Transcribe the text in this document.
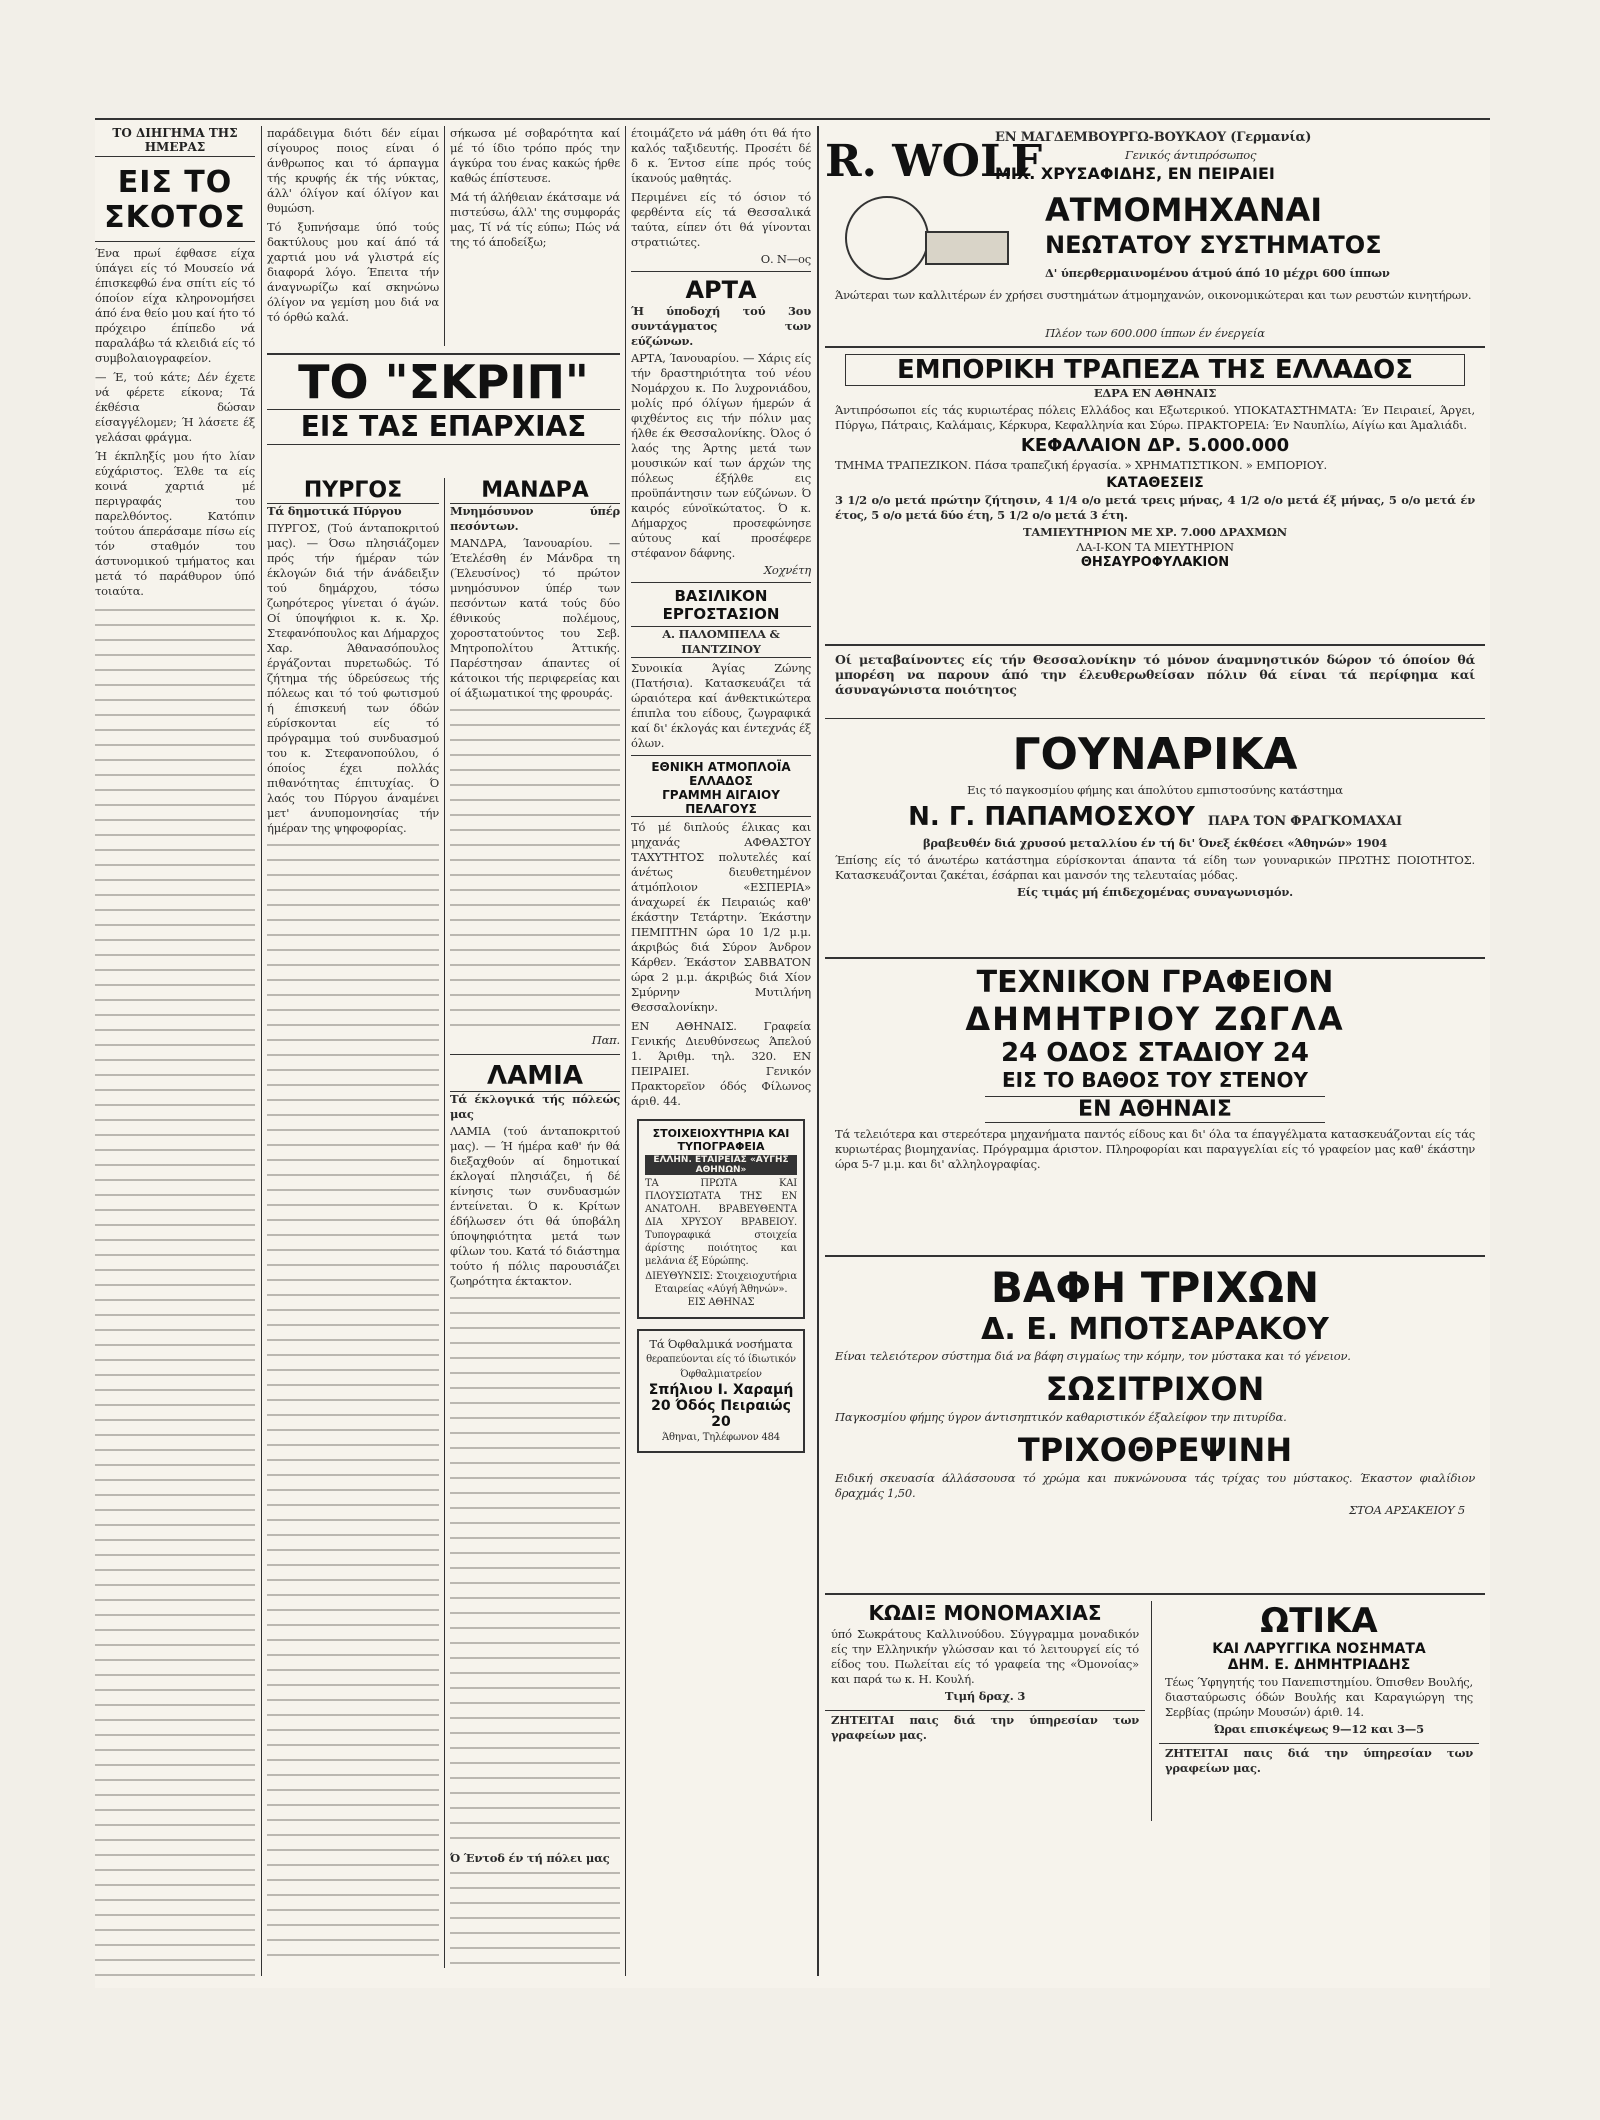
ΤΟ ΔΙΗΓΗΜΑ ΤΗΣ ΗΜΕΡΑΣ
ΕΙΣ ΤΟ ΣΚΟΤΟΣ

Ένα πρωί έφθασε είχα ύπάγει είς τό Μουσείο νά έπισκεφθώ ένα σπίτι είς τό όποίον είχα κληρονομήσει άπό ένα θείο μου καί ήτο τό πρόχειρο έπίπεδο νά παραλάβω τά κλειδιά είς τό συμβολαιογραφείον.

— Έ, τού κάτε; Δέν έχετε νά φέρετε είκονα; Τά έκθέσια δώσαν είσαγγέλομεν; Ή λάσετε έξ γελάσαι φράγμα.

Ή έκπληξίς μου ήτο λίαν εύχάριστος. Έλθε τα είς κοινά χαρτιά μέ περιγραφάς του παρελθόντος. Κατόπιν τούτου άπεράσαμε πίσω είς τόν σταθμόν του άστυνομικού τμήματος και μετά τό παράθυρον ύπό τοιαύτα.

παράδειγμα διότι δέν είμαι σίγουρος ποιος είναι ό άνθρωπος και τό άρπαγμα τής κρυφής έκ τής νύκτας, άλλ' όλίγον καί όλίγον και θυμώση.

Τό ξυπνήσαμε ύπό τούς δακτύλους μου καί άπό τά χαρτιά μου νά γλιστρά είς διαφορά λόγο. Έπειτα τήν άναγνωρίζω καί σκηνώνω όλίγον να γεμίση μου διά να τό όρθώ καλά.

σήκωσα μέ σοβαρότητα καί μέ τό ίδιο τρόπο πρός την άγκύρα του ένας κακώς ήρθε καθώς έπίστευσε.

Μά τή άλήθειαν έκάτσαμε νά πιστεύσω, άλλ' της συμφοράς μας, Τί νά τίς εύπω; Πώς νά της τό άποδείξω;

έτοιμάζετο νά μάθη ότι θά ήτο καλός ταξιδευτής. Προσέτι δέ δ κ. Έντοσ είπε πρός τούς ίκανούς μαθητάς.

Περιμένει είς τό όσιον τό φερθέντα είς τά Θεσσαλικά ταύτα, είπεν ότι θά γίνονται στρατιώτες.

Ο. Ν—ος
ΑΡΤΑ
Ή ύποδοχή τού 3ου συντάγματος των εύζώνων.

ΑΡΤΑ, Ίανουαρίου. — Χάρις είς τήν δραστηριότητα τού νέου Νομάρχου κ. Πο λυχρονιάδου, μολίς πρό όλίγων ήμερών ά φιχθέντος εις τήν πόλιν μας ήλθε έκ Θεσσαλονίκης. Όλος ό λαός της Άρτης μετά των μουσικών καί των άρχών της πόλεως έξήλθε εις προϋπάντησιν των εύζώνων. Ό καιρός εύνοϊκώτατος. Ό κ. Δήμαρχος προσεφώνησε αύτους καί προσέφερε στέφανον δάφνης.

Χοχνέτη
ΒΑΣΙΛΙΚΟΝ ΕΡΓΟΣΤΑΣΙΟΝ
Α. ΠΑΛΟΜΠΕΛΑ & ΠΑΝΤΖΙΝΟΥ

Συνοικία Άγίας Ζώνης (Πατήσια). Κατασκευάζει τά ώραιότερα καί άνθεκτικώτερα έπιπλα του είδους, ζωγραφικά καί δι' έκλογάς και έντεχνάς έξ όλων.

ΕΘΝΙΚΗ ΑΤΜΟΠΛΟΪΑ ΕΛΛΑΔΟΣ
ΓΡΑΜΜΗ ΑΙΓΑΙΟΥ ΠΕΛΑΓΟΥΣ

Τό μέ διπλούς έλικας και μηχανάς ΑΦΘΑΣΤΟΥ ΤΑΧΥΤΗΤΟΣ πολυτελές καί άνέτως διευθετημένον άτμόπλοιον «ΕΣΠΕΡΙΑ» άναχωρεί έκ Πειραιώς καθ' έκάστην Τετάρτην. Έκάστην ΠΕΜΠΤΗΝ ώρα 10 1/2 μ.μ. άκριβώς διά Σύρον Άνδρον Κάρθεν. Έκάστον ΣΑΒΒΑΤΟΝ ώρα 2 μ.μ. άκριβώς διά Χίον Σμύρνην Μυτιλήνη Θεσσαλονίκην.

ΕΝ ΑΘΗΝΑΙΣ. Γραφεία Γενικής Διευθύνσεως Άπελού 1. Άριθμ. τηλ. 320. ΕΝ ΠΕΙΡΑΙΕΙ. Γενικόν Πρακτορεϊον όδός Φίλωνος άριθ. 44.

ΣΤΟΙΧΕΙΟΧΥΤΗΡΙΑ ΚΑΙ ΤΥΠΟΓΡΑΦΕΙΑ
ΕΛΛΗΝ. ΕΤΑΙΡΕΙΑΣ «ΑΥΓΗΣ ΑΘΗΝΩΝ»

ΤΑ ΠΡΩΤΑ ΚΑΙ ΠΛΟΥΣΙΩΤΑΤΑ ΤΗΣ ΕΝ ΑΝΑΤΟΛΗ. ΒΡΑΒΕΥΘΕΝΤΑ ΔΙΑ ΧΡΥΣΟΥ ΒΡΑΒΕΙΟΥ. Τυπογραφικά στοιχεία άρίστης ποιότητος και μελάνια έξ Εύρώπης.

ΔΙΕΥΘΥΝΣΙΣ: Στοιχειοχυτήρια Εταιρείας «Αύγή Άθηνών». ΕΙΣ ΑΘΗΝΑΣ

Τά Όφθαλμικά νοσήματα
θεραπεύονται είς τό ίδιωτικόν Όφθαλμιατρείον
Σπήλιου Ι. Χαραμή
20 Όδός Πειραιώς 20
Άθηναι, Τηλέφωνον 484
ΤΟ "ΣΚΡΙΠ"
ΕΙΣ ΤΑΣ ΕΠΑΡΧΙΑΣ
ΠΥΡΓΟΣ
Τά δημοτικά Πύργου

ΠΥΡΓΟΣ, (Τού άνταποκριτού μας). — Όσω πλησιάζομεν πρός τήν ήμέραν τών έκλογών διά τήν άνάδειξιν τού δημάρχου, τόσω ζωηρότερος γίνεται ό άγών. Οί ύποψήφιοι κ. κ. Χρ. Στεφανόπουλος και Δήμαρχος Χαρ. Άθανασόπουλος έργάζονται πυρετωδώς. Τό ζήτημα τής ύδρεύσεως τής πόλεως και τό τού φωτισμού ή έπισκευή των όδών εύρίσκονται είς τό πρόγραμμα τού συνδυασμού του κ. Στεφανοπούλου, ό όποίος έχει πολλάς πιθανότητας έπιτυχίας. Ό λαός του Πύργου άναμένει μετ' άνυπομονησίας τήν ήμέραν της ψηφοφορίας.

ΜΑΝΔΡΑ
Μνημόσυνον ύπέρ πεσόντων.

ΜΑΝΔΡΑ, Ίανουαρίου. — Έτελέσθη έν Μάνδρα τη (Έλευσίνος) τό πρώτον μνημόσυνον ύπέρ των πεσόντων κατά τούς δύο έθνικούς πολέμους, χοροστατούντος του Σεβ. Μητροπολίτου Άττικής. Παρέστησαν άπαντες οί κάτοικοι τής περιφερείας και οί άξιωματικοί της φρουράς.

Παπ.
ΛΑΜΙΑ
Τά έκλογικά τής πόλεώς μας

ΛΑΜΙΑ (τού άνταποκριτού μας). — Ή ήμέρα καθ' ήν θά διεξαχθούν αί δημοτικαί έκλογαί πλησιάζει, ή δέ κίνησις των συνδυασμών έντείνεται. Ό κ. Κρίτων έδήλωσεν ότι θά ύποβάλη ύποψηφιότητα μετά των φίλων του. Κατά τό διάστημα τούτο ή πόλις παρουσιάζει ζωηρότητα έκτακτον.

Ό Έντοδ έν τή πόλει μας
R. WOLF
ΕΝ ΜΑΓΔΕΜΒΟΥΡΓΩ-ΒΟΥΚΑΟΥ (Γερμανία)
Γενικός άντιπρόσωπος
ΜΙΧ. ΧΡΥΣΑΦΙΔΗΣ, ΕΝ ΠΕΙΡΑΙΕΙ
ΑΤΜΟΜΗΧΑΝΑΙ
ΝΕΩΤΑΤΟΥ ΣΥΣΤΗΜΑΤΟΣ
Δ' ύπερθερμαινομένου άτμού άπό 10 μέχρι 600 ίππων
Άνώτεραι των καλλιτέρων έν χρήσει συστημάτων άτμομηχανών, οικονομικώτεραι και των ρευστών κινητήρων.
Πλέον των 600.000 ίππων έν ένεργεία
ΕΜΠΟΡΙΚΗ ΤΡΑΠΕΖΑ ΤΗΣ ΕΛΛΑΔΟΣ
ΕΔΡΑ ΕΝ ΑΘΗΝΑΙΣ

Άντιπρόσωποι είς τάς κυριωτέρας πόλεις Ελλάδος και Εξωτερικού. ΥΠΟΚΑΤΑΣΤΗΜΑΤΑ: Έν Πειραιεί, Άργει, Πύργω, Πάτραις, Καλάμαις, Κέρκυρα, Κεφαλληνία και Σύρω. ΠΡΑΚΤΟΡΕΙΑ: Έν Ναυπλίω, Αίγίω και Άμαλιάδι.

ΚΕΦΑΛΑΙΟΝ ΔΡ. 5.000.000

ΤΜΗΜΑ ΤΡΑΠΕΖΙΚΟΝ. Πάσα τραπεζική έργασία. » ΧΡΗΜΑΤΙΣΤΙΚΟΝ. » ΕΜΠΟΡΙΟΥ.

ΚΑΤΑΘΕΣΕΙΣ

3 1/2 ο/ο μετά πρώτην ζήτησιν, 4 1/4 ο/ο μετά τρεις μήνας, 4 1/2 ο/ο μετά έξ μήνας, 5 ο/ο μετά έν έτος, 5 ο/ο μετά δύο έτη, 5 1/2 ο/ο μετά 3 έτη.

ΤΑΜΙΕΥΤΗΡΙΟΝ ΜΕ ΧΡ. 7.000 ΔΡΑΧΜΩΝ
ΛΑ-Ι-ΚΟΝ ΤΑ ΜΙΕΥΤΗΡΙΟΝ
ΘΗΣΑΥΡΟΦΥΛΑΚΙΟΝ

Οί μεταβαίνοντες είς τήν Θεσσαλονίκην τό μόνον άναμνηστικόν δώρον τό όποίον θά μπορέση να παρουν άπό την έλευθερωθείσαν πόλιν θά είναι τά περίφημα καί άσυναγώνιστα ποιότητος

ΓΟΥΝΑΡΙΚΑ
Εις τό παγκοσμίου φήμης και άπολύτου εμπιστοσύνης κατάστημα
Ν. Γ. ΠΑΠΑΜΟΣΧΟΥ ΠΑΡΑ ΤΟΝ ΦΡΑΓΚΟΜΑΧΑΙ
βραβευθέν διά χρυσού μεταλλίου έν τή δι' Όνεξ έκθέσει «Άθηνών» 1904

Έπίσης είς τό άνωτέρω κατάστημα εύρίσκονται άπαντα τά είδη των γουναρικών ΠΡΩΤΗΣ ΠΟΙΟΤΗΤΟΣ. Κατασκευάζονται ζακέται, έσάρπαι και μανσόν της τελευταίας μόδας.

Είς τιμάς μή έπιδεχομένας συναγωνισμόν.
ΤΕΧΝΙΚΟΝ ΓΡΑΦΕΙΟΝ
ΔΗΜΗΤΡΙΟΥ ΖΩΓΛΑ
24 ΟΔΟΣ ΣΤΑΔΙΟΥ 24
ΕΙΣ ΤΟ ΒΑΘΟΣ ΤΟΥ ΣΤΕΝΟΥ
ΕΝ ΑΘΗΝΑΙΣ

Τά τελειότερα και στερεότερα μηχανήματα παντός είδους και δι' όλα τα έπαγγέλματα κατασκευάζονται είς τάς κυριωτέρας βιομηχανίας. Πρόγραμμα άριστον. Πληροφορίαι και παραγγελίαι είς τό γραφείον μας καθ' έκάστην ώρα 5-7 μ.μ. και δι' αλληλογραφίας.

ΒΑΦΗ ΤΡΙΧΩΝ
Δ. Ε. ΜΠΟΤΣΑΡΑΚΟΥ

Είναι τελειότερον σύστημα διά να βάφη σιγμαίως την κόμην, τον μύστακα και τό γένειον.

ΣΩΣΙΤΡΙΧΟΝ

Παγκοσμίου φήμης ύγρον άντισηπτικόν καθαριστικόν έξαλείφον την πιτυρίδα.

ΤΡΙΧΟΘΡΕΨΙΝΗ

Ειδική σκευασία άλλάσσουσα τό χρώμα και πυκνώνουσα τάς τρίχας του μύστακος. Έκαστον φιαλίδιον δραχμάς 1,50.

ΣΤΟΑ ΑΡΣΑΚΕΙΟΥ 5
ΚΩΔΙΞ ΜΟΝΟΜΑΧΙΑΣ

ύπό Σωκράτους Καλλινούδου. Σύγγραμμα μοναδικόν είς την Ελληνικήν γλώσσαν και τό λειτουργεί είς τό είδος του. Πωλείται είς τό γραφεία της «Όμονοίας» και παρά τω κ. Η. Κουλή.

Τιμή δραχ. 3
ΖΗΤΕΙΤΑΙ παις διά την ύπηρεσίαν των γραφείων μας.
ΩΤΙΚΑ
ΚΑΙ ΛΑΡΥΓΓΙΚΑ ΝΟΣΗΜΑΤΑ
ΔΗΜ. Ε. ΔΗΜΗΤΡΙΑΔΗΣ

Τέως Ύφηγητής του Πανεπιστημίου. Όπισθεν Βουλής, διασταύρωσις όδών Βουλής και Καραγιώργη της Σερβίας (πρώην Μουσών) άριθ. 14.

Ώραι επισκέψεως 9—12 και 3—5
ΖΗΤΕΙΤΑΙ παις διά την ύπηρεσίαν των γραφείων μας.
